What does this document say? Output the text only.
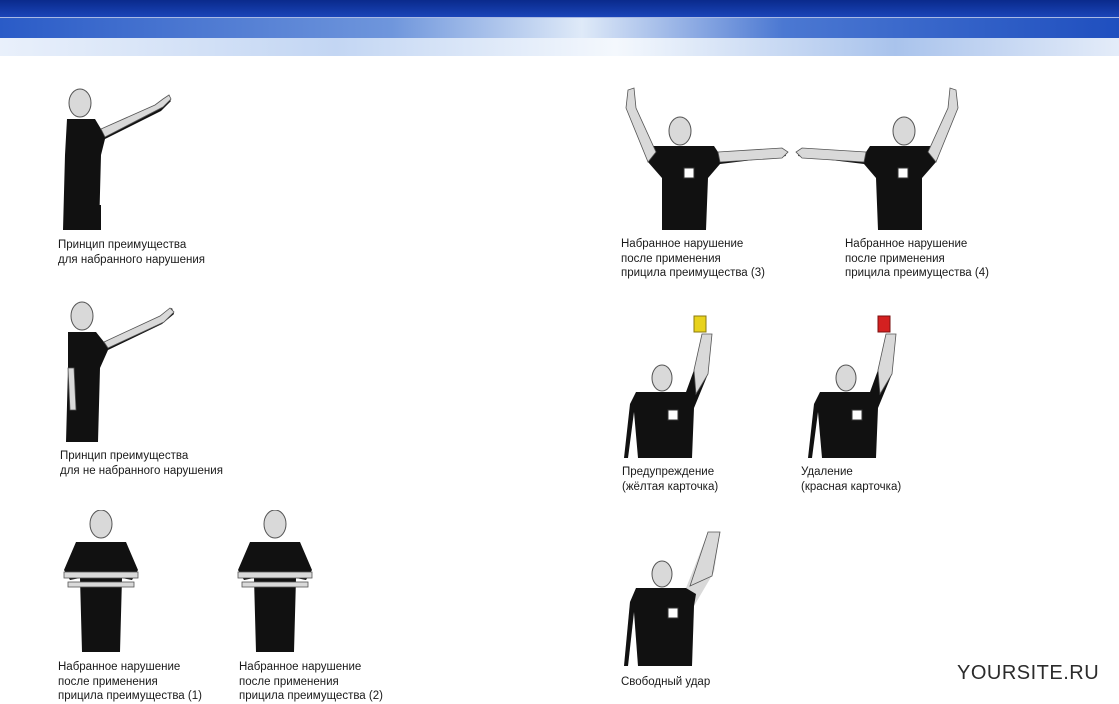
Принцип преимущества
для набранного нарушения
Принцип преимущества
для не набранного нарушения
Набранное нарушение
после применения
прицила преимущества (1)
Набранное нарушение
после применения
прицила преимущества (2)
Набранное нарушение
после применения
прицила преимущества (3)
Набранное нарушение
после применения
прицила преимущества (4)
Предупреждение
(жёлтая карточка)
Удаление
(красная карточка)
Свободный удар	YOURSITE.RU
